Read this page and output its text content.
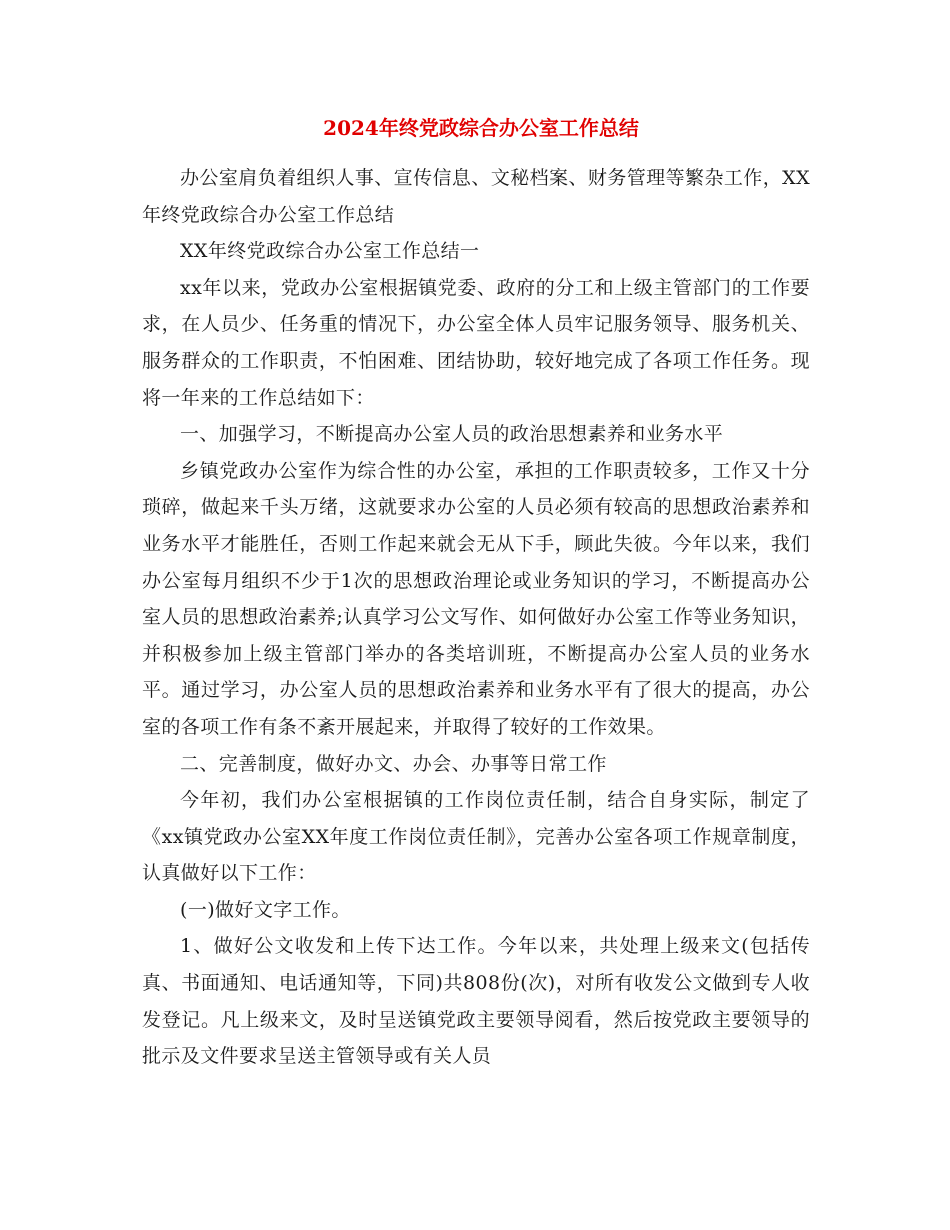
2024年终党政综合办公室工作总结

办公室肩负着组织人事、宣传信息、文秘档案、财务管理等繁杂工作，XX年终党政综合办公室工作总结

XX年终党政综合办公室工作总结一

xx年以来，党政办公室根据镇党委、政府的分工和上级主管部门的工作要求，在人员少、任务重的情况下，办公室全体人员牢记服务领导、服务机关、服务群众的工作职责，不怕困难、团结协助，较好地完成了各项工作任务。现将一年来的工作总结如下：

一、加强学习，不断提高办公室人员的政治思想素养和业务水平

乡镇党政办公室作为综合性的办公室，承担的工作职责较多，工作又十分琐碎，做起来千头万绪，这就要求办公室的人员必须有较高的思想政治素养和业务水平才能胜任，否则工作起来就会无从下手，顾此失彼。今年以来，我们办公室每月组织不少于1次的思想政治理论或业务知识的学习，不断提高办公室人员的思想政治素养;认真学习公文写作、如何做好办公室工作等业务知识，并积极参加上级主管部门举办的各类培训班，不断提高办公室人员的业务水平。通过学习，办公室人员的思想政治素养和业务水平有了很大的提高，办公室的各项工作有条不紊开展起来，并取得了较好的工作效果。

二、完善制度，做好办文、办会、办事等日常工作

今年初，我们办公室根据镇的工作岗位责任制，结合自身实际，制定了《xx镇党政办公室XX年度工作岗位责任制》，完善办公室各项工作规章制度，认真做好以下工作：

(一)做好文字工作。

1、做好公文收发和上传下达工作。今年以来，共处理上级来文(包括传真、书面通知、电话通知等，下同)共808份(次)，对所有收发公文做到专人收发登记。凡上级来文，及时呈送镇党政主要领导阅看，然后按党政主要领导的批示及文件要求呈送主管领导或有关人员
